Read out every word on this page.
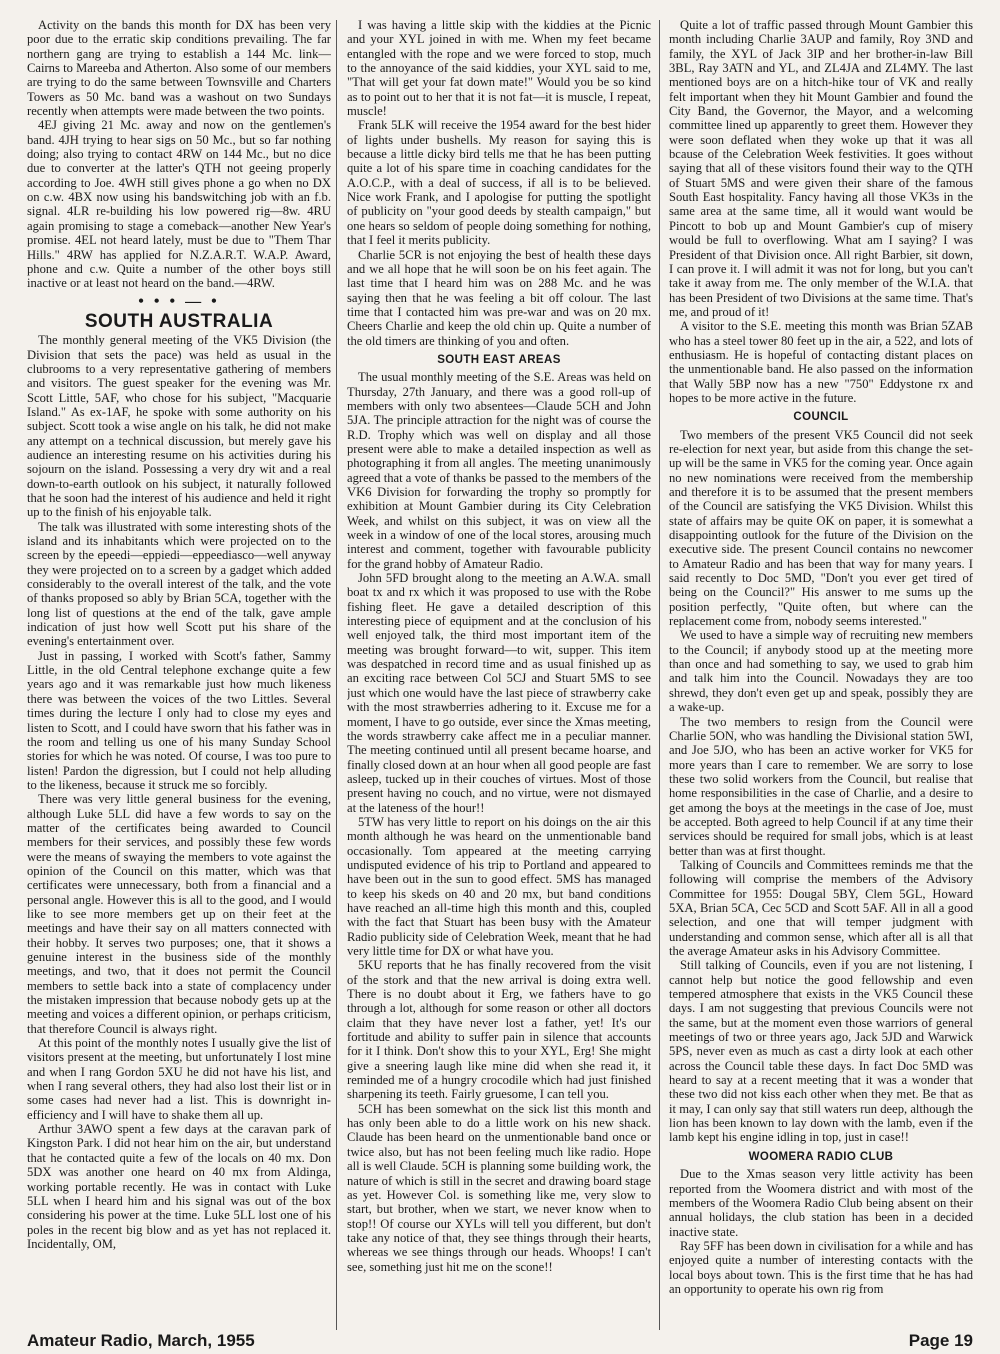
Activity on the bands this month for DX has been very poor due to the erratic skip conditions prevailing. The far northern gang are trying to establish a 144 Mc. link—Cairns to Mareeba and Atherton. Also some of our members are trying to do the same between Townsville and Charters Towers as 50 Mc. band was a washout on two Sundays recently when attempts were made between the two points.

4EJ giving 21 Mc. away and now on the gentlemen's band. 4JH trying to hear sigs on 50 Mc., but so far nothing doing; also trying to contact 4RW on 144 Mc., but no dice due to converter at the latter's QTH not geeing properly according to Joe. 4WH still gives phone a go when no DX on c.w. 4BX now using his bandswitching job with an f.b. signal. 4LR re-building his low powered rig—8w. 4RU again promising to stage a comeback—another New Year's promise. 4EL not heard lately, must be due to "Them Thar Hills." 4RW has applied for N.Z.A.R.T. W.A.P. Award, phone and c.w. Quite a number of the other boys still inactive or at least not heard on the band.—4RW.

• • • — •
SOUTH AUSTRALIA

The monthly general meeting of the VK5 Division (the Division that sets the pace) was held as usual in the clubrooms to a very representative gathering of members and visitors. The guest speaker for the evening was Mr. Scott Little, 5AF, who chose for his subject, "Macquarie Island." As ex-1AF, he spoke with some authority on his subject. Scott took a wise angle on his talk, he did not make any attempt on a technical discussion, but merely gave his audience an interesting resume on his activities during his sojourn on the island. Possessing a very dry wit and a real down-to-earth outlook on his subject, it naturally followed that he soon had the interest of his audience and held it right up to the finish of his enjoyable talk.

The talk was illustrated with some interesting shots of the island and its inhabitants which were projected on to the screen by the epeedi—eppiedi—eppeediasco—well anyway they were projected on to a screen by a gadget which added considerably to the overall interest of the talk, and the vote of thanks proposed so ably by Brian 5CA, together with the long list of questions at the end of the talk, gave ample indication of just how well Scott put his share of the evening's entertainment over.

Just in passing, I worked with Scott's father, Sammy Little, in the old Central telephone exchange quite a few years ago and it was remarkable just how much likeness there was between the voices of the two Littles. Several times during the lecture I only had to close my eyes and listen to Scott, and I could have sworn that his father was in the room and telling us one of his many Sunday School stories for which he was noted. Of course, I was too pure to listen! Pardon the digression, but I could not help alluding to the likeness, because it struck me so forcibly.

There was very little general business for the evening, although Luke 5LL did have a few words to say on the matter of the certificates being awarded to Council members for their services, and possibly these few words were the means of swaying the members to vote against the opinion of the Council on this matter, which was that certificates were unnecessary, both from a financial and a personal angle. However this is all to the good, and I would like to see more members get up on their feet at the meetings and have their say on all matters connected with their hobby. It serves two purposes; one, that it shows a genuine interest in the business side of the monthly meetings, and two, that it does not permit the Council members to settle back into a state of complacency under the mistaken impression that because nobody gets up at the meeting and voices a different opinion, or perhaps criticism, that therefore Council is always right.

At this point of the monthly notes I usually give the list of visitors present at the meeting, but unfortunately I lost mine and when I rang Gordon 5XU he did not have his list, and when I rang several others, they had also lost their list or in some cases had never had a list. This is downright in-efficiency and I will have to shake them all up.

Arthur 3AWO spent a few days at the caravan park of Kingston Park. I did not hear him on the air, but understand that he contacted quite a few of the locals on 40 mx. Don 5DX was another one heard on 40 mx from Aldinga, working portable recently. He was in contact with Luke 5LL when I heard him and his signal was out of the box considering his power at the time. Luke 5LL lost one of his poles in the recent big blow and as yet has not replaced it. Incidentally, OM,

I was having a little skip with the kiddies at the Picnic and your XYL joined in with me. When my feet became entangled with the rope and we were forced to stop, much to the annoyance of the said kiddies, your XYL said to me, "That will get your fat down mate!" Would you be so kind as to point out to her that it is not fat—it is muscle, I repeat, muscle!

Frank 5LK will receive the 1954 award for the best hider of lights under bushells. My reason for saying this is because a little dicky bird tells me that he has been putting quite a lot of his spare time in coaching candidates for the A.O.C.P., with a deal of success, if all is to be believed. Nice work Frank, and I apologise for putting the spotlight of publicity on "your good deeds by stealth campaign," but one hears so seldom of people doing something for nothing, that I feel it merits publicity.

Charlie 5CR is not enjoying the best of health these days and we all hope that he will soon be on his feet again. The last time that I heard him was on 288 Mc. and he was saying then that he was feeling a bit off colour. The last time that I contacted him was pre-war and was on 20 mx. Cheers Charlie and keep the old chin up. Quite a number of the old timers are thinking of you and often.

SOUTH EAST AREAS

The usual monthly meeting of the S.E. Areas was held on Thursday, 27th January, and there was a good roll-up of members with only two absentees—Claude 5CH and John 5JA. The principle attraction for the night was of course the R.D. Trophy which was well on display and all those present were able to make a detailed inspection as well as photographing it from all angles. The meeting unanimously agreed that a vote of thanks be passed to the members of the VK6 Division for forwarding the trophy so promptly for exhibition at Mount Gambier during its City Celebration Week, and whilst on this subject, it was on view all the week in a window of one of the local stores, arousing much interest and comment, together with favourable publicity for the grand hobby of Amateur Radio.

John 5FD brought along to the meeting an A.W.A. small boat tx and rx which it was proposed to use with the Robe fishing fleet. He gave a detailed description of this interesting piece of equipment and at the conclusion of his well enjoyed talk, the third most important item of the meeting was brought forward—to wit, supper. This item was despatched in record time and as usual finished up as an exciting race between Col 5CJ and Stuart 5MS to see just which one would have the last piece of strawberry cake with the most strawberries adhering to it. Excuse me for a moment, I have to go outside, ever since the Xmas meeting, the words strawberry cake affect me in a peculiar manner. The meeting continued until all present became hoarse, and finally closed down at an hour when all good people are fast asleep, tucked up in their couches of virtues. Most of those present having no couch, and no virtue, were not dismayed at the lateness of the hour!!

5TW has very little to report on his doings on the air this month although he was heard on the unmentionable band occasionally. Tom appeared at the meeting carrying undisputed evidence of his trip to Portland and appeared to have been out in the sun to good effect. 5MS has managed to keep his skeds on 40 and 20 mx, but band conditions have reached an all-time high this month and this, coupled with the fact that Stuart has been busy with the Amateur Radio publicity side of Celebration Week, meant that he had very little time for DX or what have you.

5KU reports that he has finally recovered from the visit of the stork and that the new arrival is doing extra well. There is no doubt about it Erg, we fathers have to go through a lot, although for some reason or other all doctors claim that they have never lost a father, yet! It's our fortitude and ability to suffer pain in silence that accounts for it I think. Don't show this to your XYL, Erg! She might give a sneering laugh like mine did when she read it, it reminded me of a hungry crocodile which had just finished sharpening its teeth. Fairly gruesome, I can tell you.

5CH has been somewhat on the sick list this month and has only been able to do a little work on his new shack. Claude has been heard on the unmentionable band once or twice also, but has not been feeling much like radio. Hope all is well Claude. 5CH is planning some building work, the nature of which is still in the secret and drawing board stage as yet. However Col. is something like me, very slow to start, but brother, when we start, we never know when to stop!! Of course our XYLs will tell you different, but don't take any notice of that, they see things through their hearts, whereas we see things through our heads. Whoops! I can't see, something just hit me on the scone!!

Quite a lot of traffic passed through Mount Gambier this month including Charlie 3AUP and family, Roy 3ND and family, the XYL of Jack 3IP and her brother-in-law Bill 3BL, Ray 3ATN and YL, and ZL4JA and ZL4MY. The last mentioned boys are on a hitch-hike tour of VK and really felt important when they hit Mount Gambier and found the City Band, the Governor, the Mayor, and a welcoming committee lined up apparently to greet them. However they were soon deflated when they woke up that it was all bcause of the Celebration Week festivities. It goes without saying that all of these visitors found their way to the QTH of Stuart 5MS and were given their share of the famous South East hospitality. Fancy having all those VK3s in the same area at the same time, all it would want would be Pincott to bob up and Mount Gambier's cup of misery would be full to overflowing. What am I saying? I was President of that Division once. All right Barbier, sit down, I can prove it. I will admit it was not for long, but you can't take it away from me. The only member of the W.I.A. that has been President of two Divisions at the same time. That's me, and proud of it!

A visitor to the S.E. meeting this month was Brian 5ZAB who has a steel tower 80 feet up in the air, a 522, and lots of enthusiasm. He is hopeful of contacting distant places on the unmentionable band. He also passed on the information that Wally 5BP now has a new "750" Eddystone rx and hopes to be more active in the future.

COUNCIL

Two members of the present VK5 Council did not seek re-election for next year, but aside from this change the set-up will be the same in VK5 for the coming year. Once again no new nominations were received from the membership and therefore it is to be assumed that the present members of the Council are satisfying the VK5 Division. Whilst this state of affairs may be quite OK on paper, it is somewhat a disappointing outlook for the future of the Division on the executive side. The present Council contains no newcomer to Amateur Radio and has been that way for many years. I said recently to Doc 5MD, "Don't you ever get tired of being on the Council?" His answer to me sums up the position perfectly, "Quite often, but where can the replacement come from, nobody seems interested."

We used to have a simple way of recruiting new members to the Council; if anybody stood up at the meeting more than once and had something to say, we used to grab him and talk him into the Council. Nowadays they are too shrewd, they don't even get up and speak, possibly they are a wake-up.

The two members to resign from the Council were Charlie 5ON, who was handling the Divisional station 5WI, and Joe 5JO, who has been an active worker for VK5 for more years than I care to remember. We are sorry to lose these two solid workers from the Council, but realise that home responsibilities in the case of Charlie, and a desire to get among the boys at the meetings in the case of Joe, must be accepted. Both agreed to help Council if at any time their services should be required for small jobs, which is at least better than was at first thought.

Talking of Councils and Committees reminds me that the following will comprise the members of the Advisory Committee for 1955: Dougal 5BY, Clem 5GL, Howard 5XA, Brian 5CA, Cec 5CD and Scott 5AF. All in all a good selection, and one that will temper judgment with understanding and common sense, which after all is all that the average Amateur asks in his Advisory Committee.

Still talking of Councils, even if you are not listening, I cannot help but notice the good fellowship and even tempered atmosphere that exists in the VK5 Council these days. I am not suggesting that previous Councils were not the same, but at the moment even those warriors of general meetings of two or three years ago, Jack 5JD and Warwick 5PS, never even as much as cast a dirty look at each other across the Council table these days. In fact Doc 5MD was heard to say at a recent meeting that it was a wonder that these two did not kiss each other when they met. Be that as it may, I can only say that still waters run deep, although the lion has been known to lay down with the lamb, even if the lamb kept his engine idling in top, just in case!!

WOOMERA RADIO CLUB

Due to the Xmas season very little activity has been reported from the Woomera district and with most of the members of the Woomera Radio Club being absent on their annual holidays, the club station has been in a decided inactive state.

Ray 5FF has been down in civilisation for a while and has enjoyed quite a number of interesting contacts with the local boys about town. This is the first time that he has had an opportunity to operate his own rig from

Amateur Radio, March, 1955	Page 19
